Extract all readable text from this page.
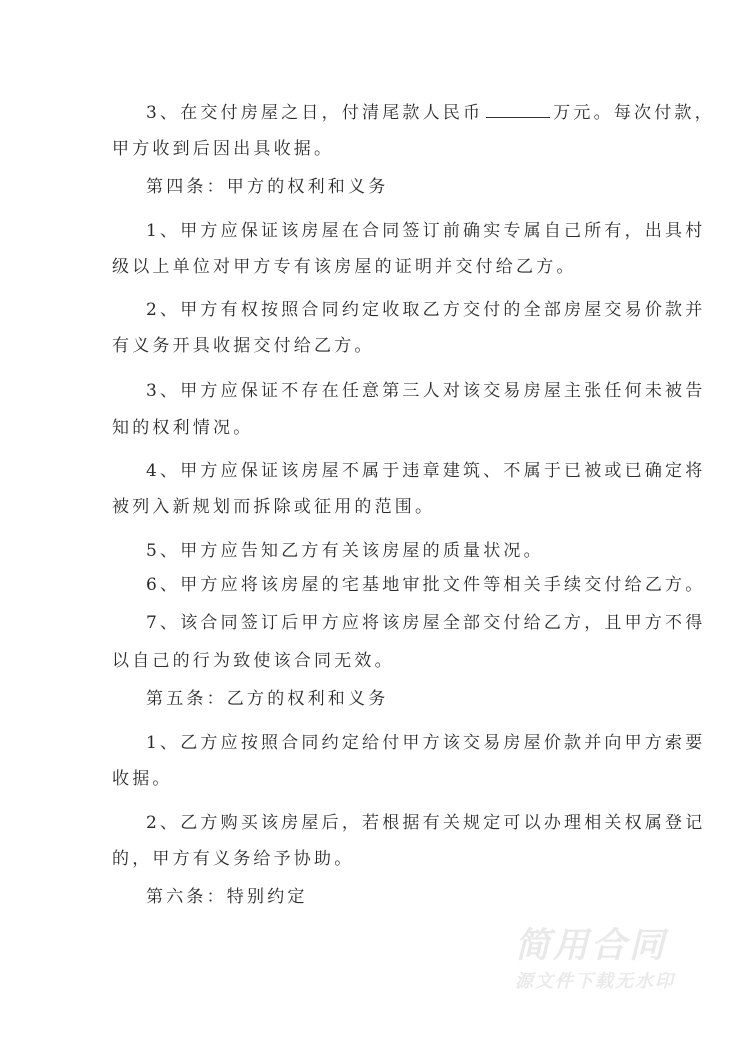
3、在交付房屋之日，付清尾款人民币	万元。每次付款，
甲方收到后因出具收据。
第四条：甲方的权利和义务
1、甲方应保证该房屋在合同签订前确实专属自己所有，出具村
级以上单位对甲方专有该房屋的证明并交付给乙方。
2、甲方有权按照合同约定收取乙方交付的全部房屋交易价款并
有义务开具收据交付给乙方。
3、甲方应保证不存在任意第三人对该交易房屋主张任何未被告
知的权利情况。
4、甲方应保证该房屋不属于违章建筑、不属于已被或已确定将
被列入新规划而拆除或征用的范围。
5、甲方应告知乙方有关该房屋的质量状况。
6、甲方应将该房屋的宅基地审批文件等相关手续交付给乙方。
7、该合同签订后甲方应将该房屋全部交付给乙方，且甲方不得
以自己的行为致使该合同无效。
第五条：乙方的权利和义务
1、乙方应按照合同约定给付甲方该交易房屋价款并向甲方索要
收据。
2、乙方购买该房屋后，若根据有关规定可以办理相关权属登记
的，甲方有义务给予协助。
第六条：特别约定
简用合同
源文件下载无水印
